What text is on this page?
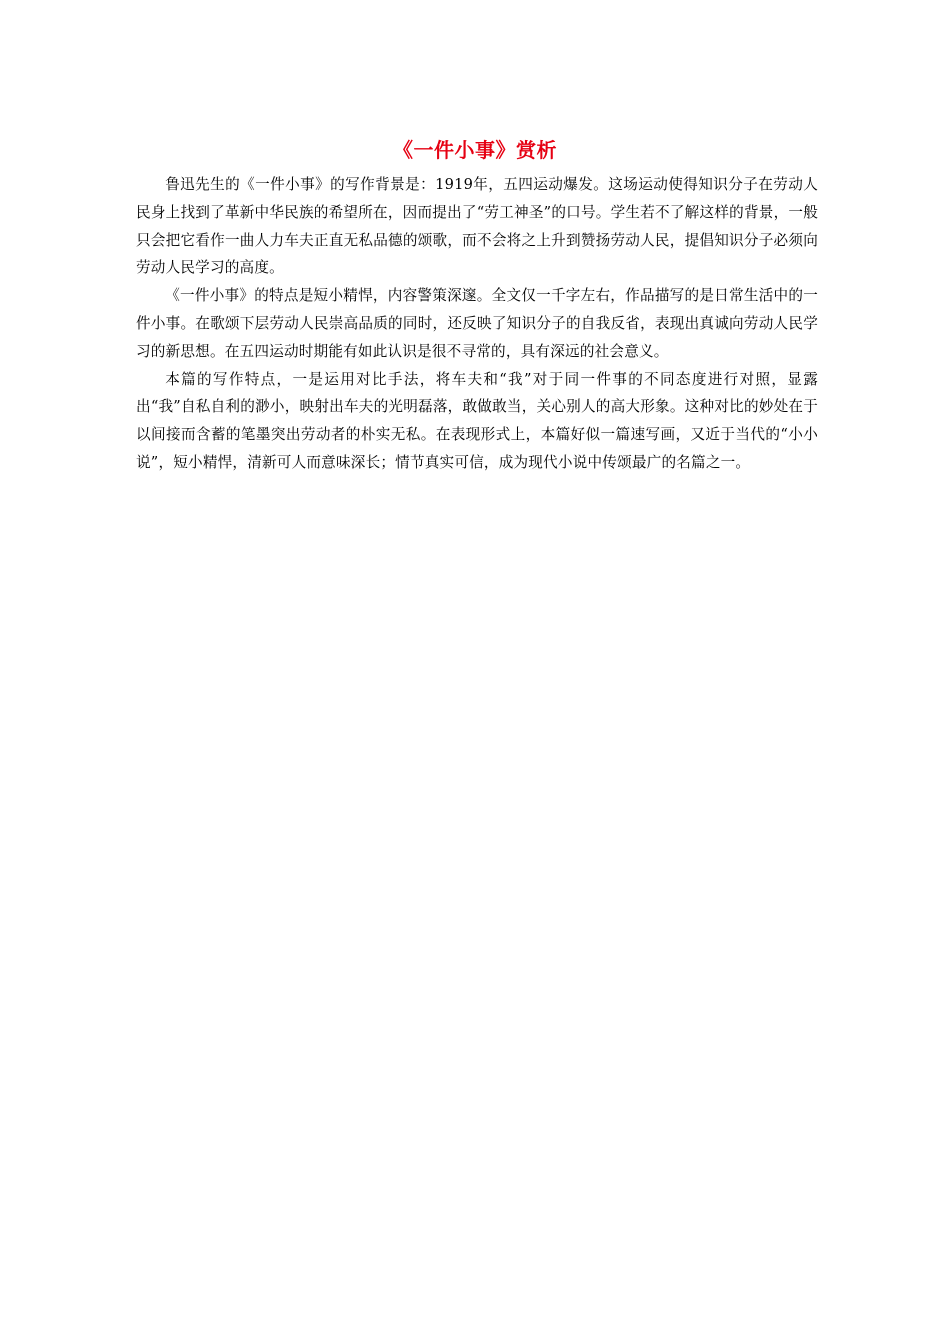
《一件小事》赏析

鲁迅先生的《一件小事》的写作背景是：1919年，五四运动爆发。这场运动使得知识分子在劳动人民身上找到了革新中华民族的希望所在，因而提出了“劳工神圣”的口号。学生若不了解这样的背景，一般只会把它看作一曲人力车夫正直无私品德的颂歌，而不会将之上升到赞扬劳动人民，提倡知识分子必须向劳动人民学习的高度。

《一件小事》的特点是短小精悍，内容警策深邃。全文仅一千字左右，作品描写的是日常生活中的一件小事。在歌颂下层劳动人民崇高品质的同时，还反映了知识分子的自我反省，表现出真诚向劳动人民学习的新思想。在五四运动时期能有如此认识是很不寻常的，具有深远的社会意义。

本篇的写作特点，一是运用对比手法，将车夫和“我”对于同一件事的不同态度进行对照，显露出“我”自私自利的渺小，映射出车夫的光明磊落，敢做敢当，关心别人的高大形象。这种对比的妙处在于以间接而含蓄的笔墨突出劳动者的朴实无私。在表现形式上，本篇好似一篇速写画，又近于当代的“小小说”，短小精悍，清新可人而意味深长；情节真实可信，成为现代小说中传颂最广的名篇之一。
